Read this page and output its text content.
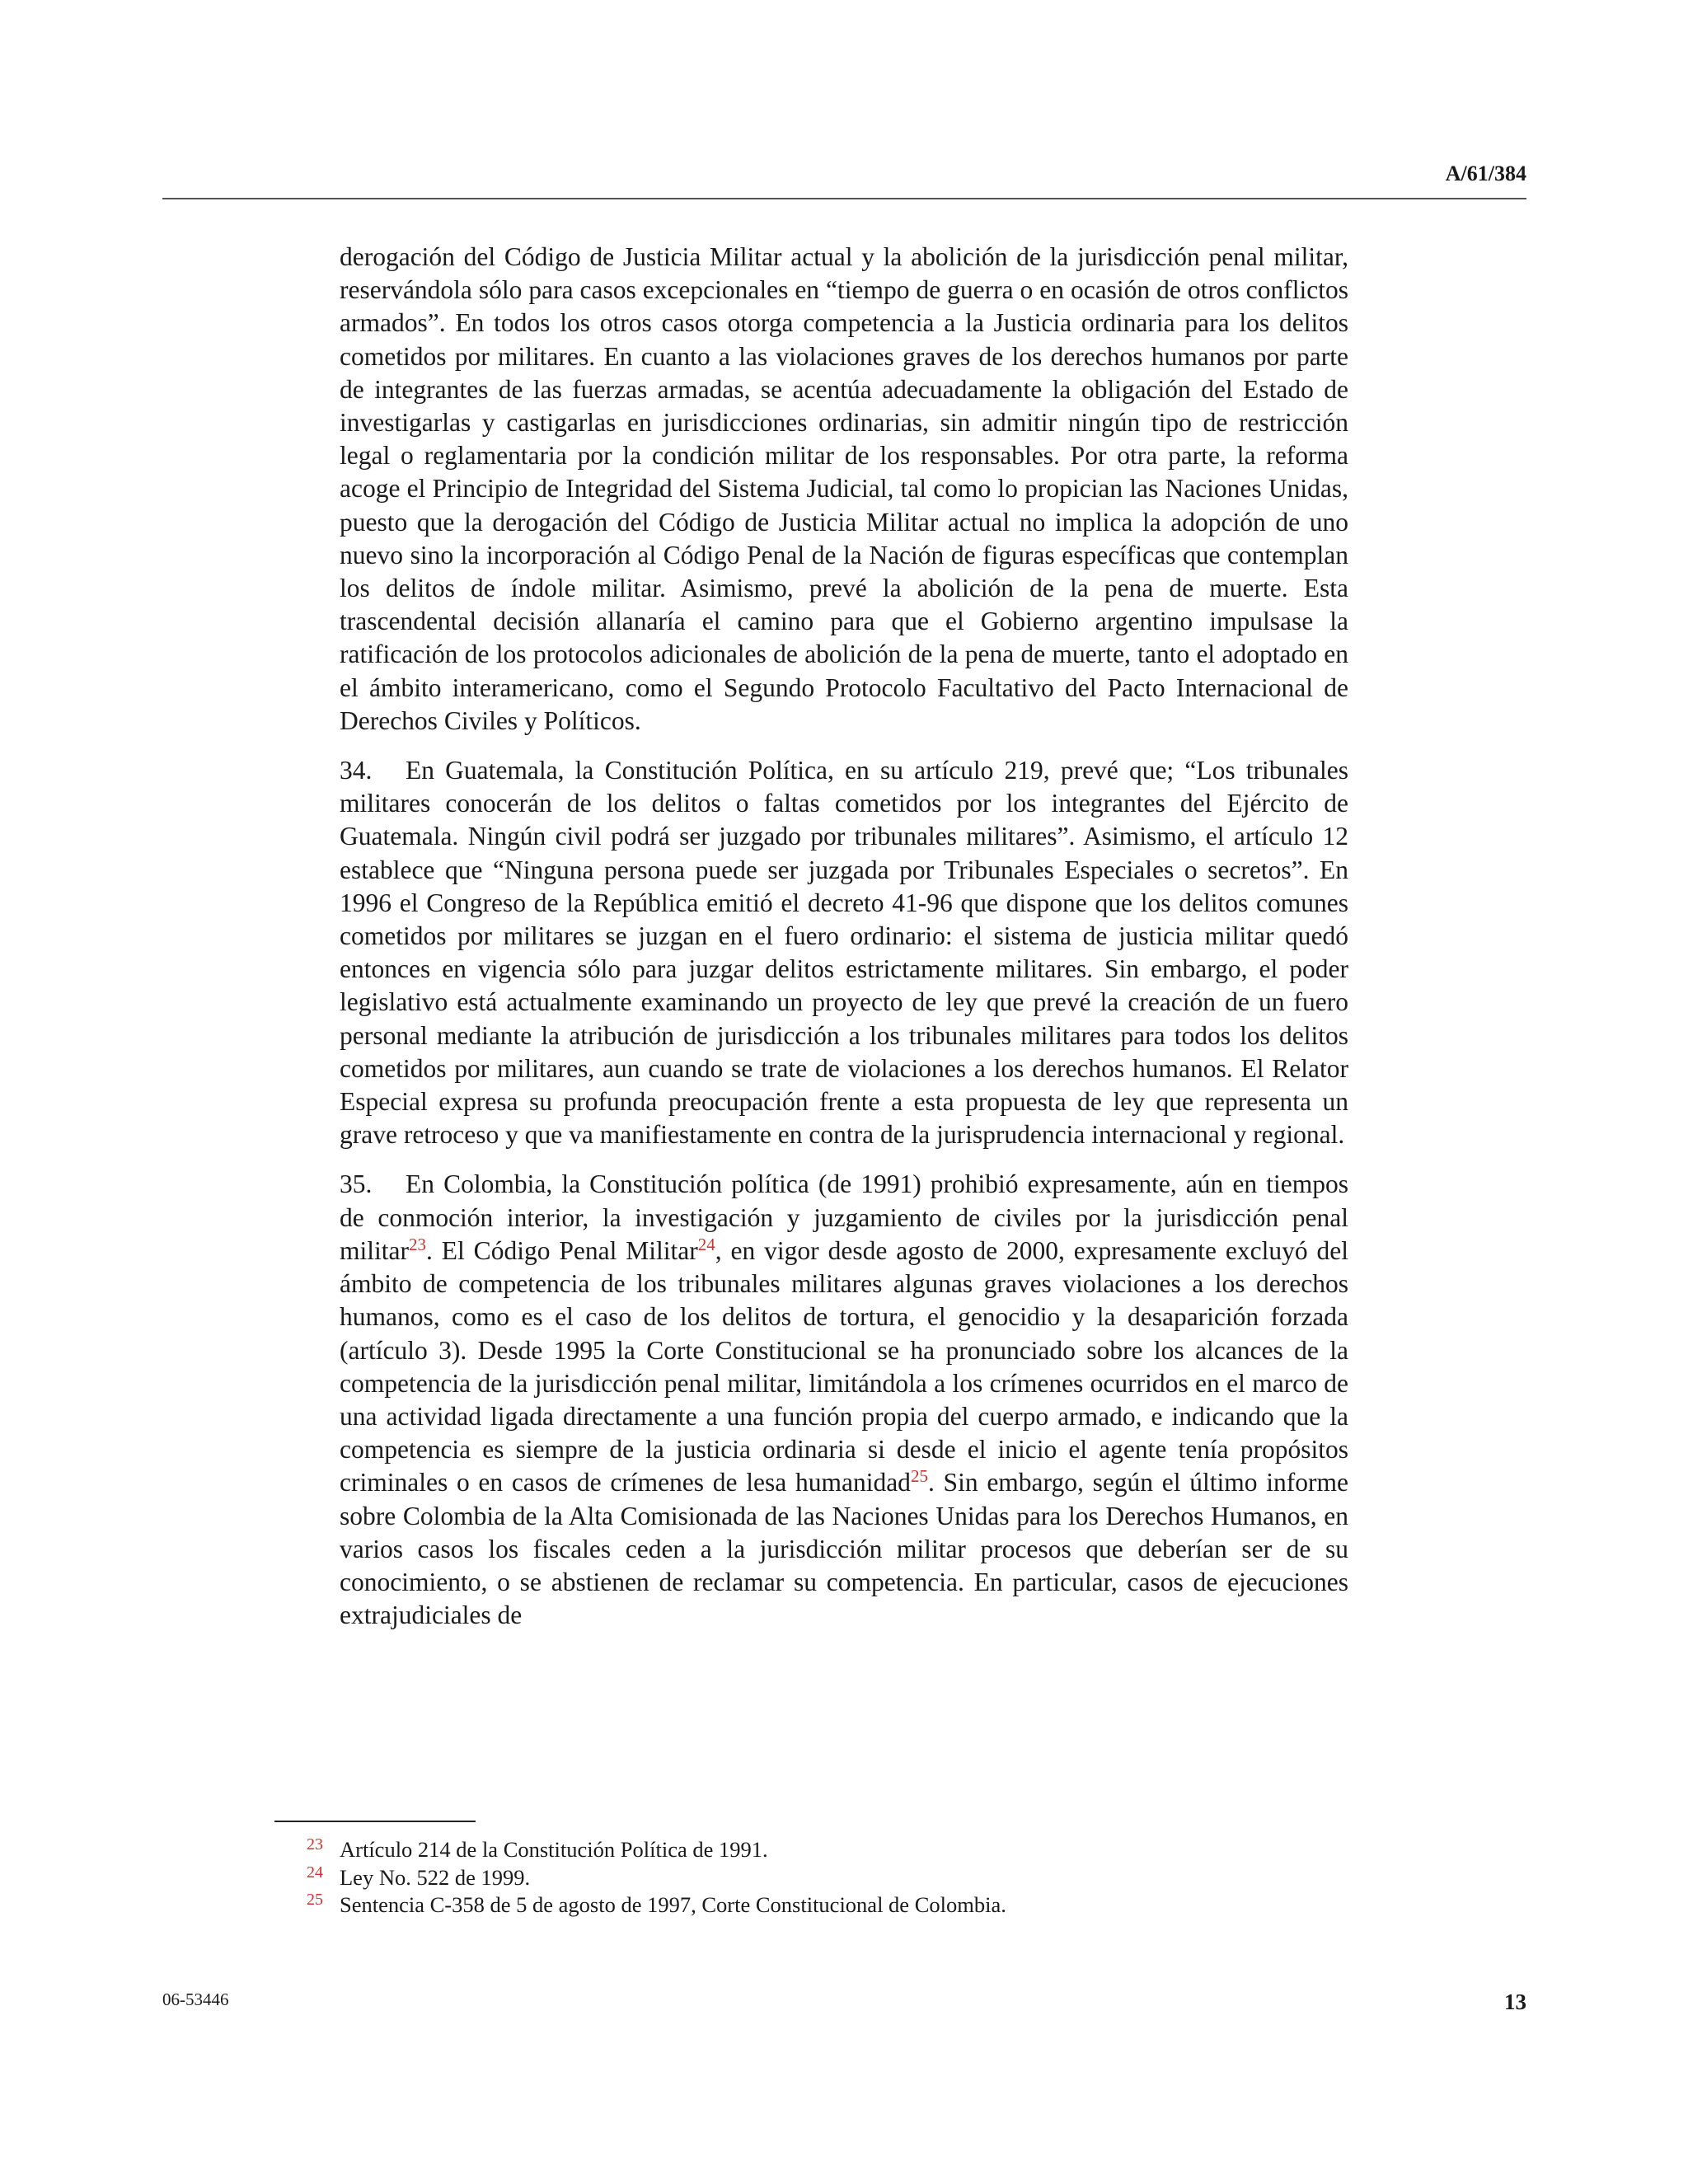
A/61/384

derogación del Código de Justicia Militar actual y la abolición de la jurisdicción penal militar, reservándola sólo para casos excepcionales en “tiempo de guerra o en ocasión de otros conflictos armados”. En todos los otros casos otorga competencia a la Justicia ordinaria para los delitos cometidos por militares. En cuanto a las violaciones graves de los derechos humanos por parte de integrantes de las fuerzas armadas, se acentúa adecuadamente la obligación del Estado de investigarlas y castigarlas en jurisdicciones ordinarias, sin admitir ningún tipo de restricción legal o reglamentaria por la condición militar de los responsables. Por otra parte, la reforma acoge el Principio de Integridad del Sistema Judicial, tal como lo propician las Naciones Unidas, puesto que la derogación del Código de Justicia Militar actual no implica la adopción de uno nuevo sino la incorporación al Código Penal de la Nación de figuras específicas que contemplan los delitos de índole militar. Asimismo, prevé la abolición de la pena de muerte. Esta trascendental decisión allanaría el camino para que el Gobierno argentino impulsase la ratificación de los protocolos adicionales de abolición de la pena de muerte, tanto el adoptado en el ámbito interamericano, como el Segundo Protocolo Facultativo del Pacto Internacional de Derechos Civiles y Políticos.

34. En Guatemala, la Constitución Política, en su artículo 219, prevé que; “Los tribunales militares conocerán de los delitos o faltas cometidos por los integrantes del Ejército de Guatemala. Ningún civil podrá ser juzgado por tribunales militares”. Asimismo, el artículo 12 establece que “Ninguna persona puede ser juzgada por Tribunales Especiales o secretos”. En 1996 el Congreso de la República emitió el decreto 41-96 que dispone que los delitos comunes cometidos por militares se juzgan en el fuero ordinario: el sistema de justicia militar quedó entonces en vigencia sólo para juzgar delitos estrictamente militares. Sin embargo, el poder legislativo está actualmente examinando un proyecto de ley que prevé la creación de un fuero personal mediante la atribución de jurisdicción a los tribunales militares para todos los delitos cometidos por militares, aun cuando se trate de violaciones a los derechos humanos. El Relator Especial expresa su profunda preocupación frente a esta propuesta de ley que representa un grave retroceso y que va manifiestamente en contra de la jurisprudencia internacional y regional.

35. En Colombia, la Constitución política (de 1991) prohibió expresamente, aún en tiempos de conmoción interior, la investigación y juzgamiento de civiles por la jurisdicción penal militar$^{23}$. El Código Penal Militar$^{24}$, en vigor desde agosto de 2000, expresamente excluyó del ámbito de competencia de los tribunales militares algunas graves violaciones a los derechos humanos, como es el caso de los delitos de tortura, el genocidio y la desaparición forzada (artículo 3). Desde 1995 la Corte Constitucional se ha pronunciado sobre los alcances de la competencia de la jurisdicción penal militar, limitándola a los crímenes ocurridos en el marco de una actividad ligada directamente a una función propia del cuerpo armado, e indicando que la competencia es siempre de la justicia ordinaria si desde el inicio el agente tenía propósitos criminales o en casos de crímenes de lesa humanidad$^{25}$. Sin embargo, según el último informe sobre Colombia de la Alta Comisionada de las Naciones Unidas para los Derechos Humanos, en varios casos los fiscales ceden a la jurisdicción militar procesos que deberían ser de su conocimiento, o se abstienen de reclamar su competencia. En particular, casos de ejecuciones extrajudiciales de

23 Artículo 214 de la Constitución Política de 1991.
24 Ley No. 522 de 1999.
25 Sentencia C-358 de 5 de agosto de 1997, Corte Constitucional de Colombia.
06-53446	13
